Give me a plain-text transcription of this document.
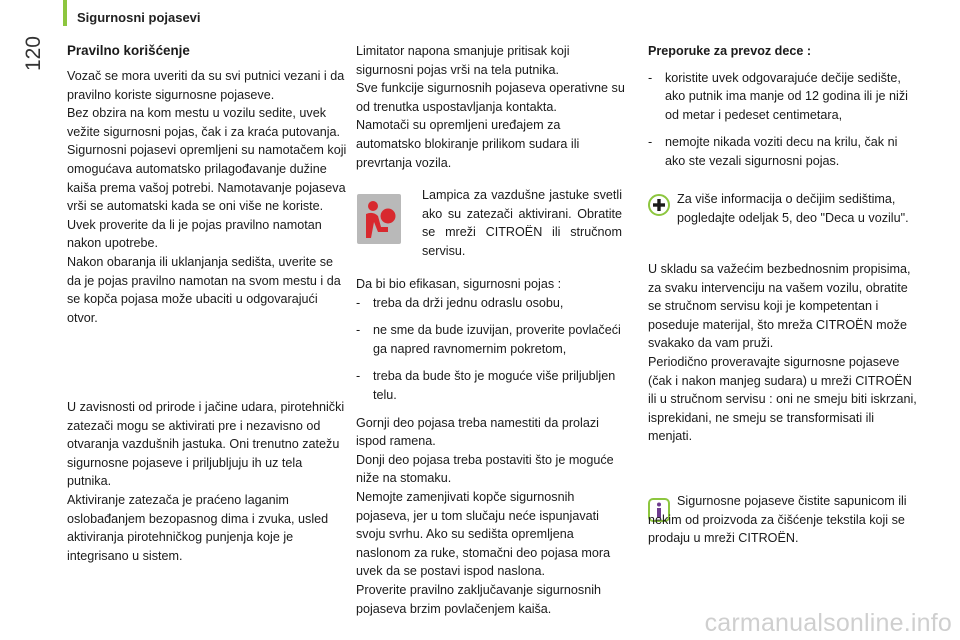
120
Sigurnosni pojasevi
Pravilno korišćenje

Vozač se mora uveriti da su svi putnici vezani i da pravilno koriste sigurnosne pojaseve.

Bez obzira na kom mestu u vozilu sedite, uvek vežite sigurnosni pojas, čak i za kraća putovanja.

Sigurnosni pojasevi opremljeni su namotačem koji omogućava automatsko prilagođavanje dužine kaiša prema vašoj potrebi. Namotavanje pojaseva vrši se automatski kada se oni više ne koriste.

Uvek proverite da li je pojas pravilno namotan nakon upotrebe.

Nakon obaranja ili uklanjanja sedišta, uverite se da je pojas pravilno namotan na svom mestu i da se kopča pojasa može ubaciti u odgovarajući otvor.

U zavisnosti od prirode i jačine udara, pirotehnički zatezači mogu se aktivirati pre i nezavisno od otvaranja vazdušnih jastuka. Oni trenutno zatežu sigurnosne pojaseve i priljubljuju ih uz tela putnika.

Aktiviranje zatezača je praćeno laganim oslobađanjem bezopasnog dima i zvuka, usled aktiviranja pirotehničkog punjenja koje je integrisano u sistem.

Limitator napona smanjuje pritisak koji sigurnosni pojas vrši na tela putnika.

Sve funkcije sigurnosnih pojaseva operativne su od trenutka uspostavljanja kontakta.

Namotači su opremljeni uređajem za automatsko blokiranje prilikom sudara ili prevrtanja vozila.

Lampica za vazdušne jastuke svetli ako su zatezači aktivirani. Obratite se mreži CITROËN ili stručnom servisu.

Da bi bio efikasan, sigurnosni pojas :

- treba da drži jednu odraslu osobu,
- ne sme da bude izuvijan, proverite povlačeći ga napred ravnomernim pokretom,
- treba da bude što je moguće više priljubljen telu.

Gornji deo pojasa treba namestiti da prolazi ispod ramena.

Donji deo pojasa treba postaviti što je moguće niže na stomaku.

Nemojte zamenjivati kopče sigurnosnih pojaseva, jer u tom slučaju neće ispunjavati svoju svrhu. Ako su sedišta opremljena naslonom za ruke, stomačni deo pojasa mora uvek da se postavi ispod naslona.

Proverite pravilno zaključavanje sigurnosnih pojaseva brzim povlačenjem kaiša.

Preporuke za prevoz dece :

- koristite uvek odgovarajuće dečije sedište, ako putnik ima manje od 12 godina ili je niži od metar i pedeset centimetara,
- nemojte nikada voziti decu na krilu, čak ni ako ste vezali sigurnosni pojas.
Za više informacija o dečijim sedištima, pogledajte odeljak 5, deo "Deca u vozilu".

U skladu sa važećim bezbednosnim propisima, za svaku intervenciju na vašem vozilu, obratite se stručnom servisu koji je kompetentan i poseduje materijal, što mreža CITROËN može svakako da vam pruži.

Periodično proveravajte sigurnosne pojaseve (čak i nakon manjeg sudara) u mreži CITROËN ili u stručnom servisu : oni ne smeju biti iskrzani, isprekidani, ne smeju se transformisati ili menjati.

Sigurnosne pojaseve čistite sapunicom ili nekim od proizvoda za čišćenje tekstila koji se prodaju u mreži CITROËN.
carmanualsonline.info
